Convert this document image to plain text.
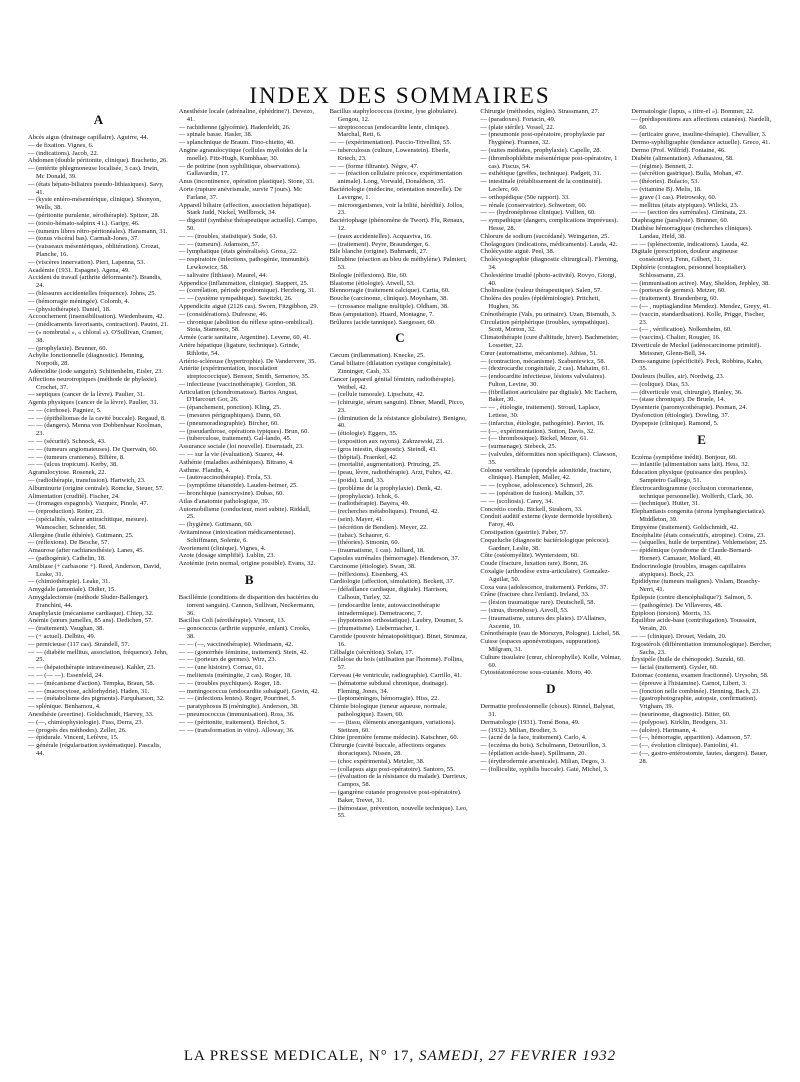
INDEX DES SOMMAIRES
A

Abcès aigus (drainage capillaire). Aguirre, 44.

— de fixation. Vignes, 6.

— (indications). Jacob, 22.

Abdomen (double péritonite, clinique). Brachetto, 26.

— (entérite phlegmoneuse localisée, 3 cas). Irwin, Mc Donald, 39.

— (états hépato-biliaires pseudo-lithiasiques). Savy, 41.

— (kyste entéro-mésentérique, clinique). Shonyon, Wells, 38.

— (péritonite purulente, sérothérapie). Spitzer, 28.

— (torsio-hémato-salpinx 4 i.). Garipy, 46.

— (tumeurs libres rétro-péritonéales). Hansmann, 31.

— (tonus viscéral bas). Carmalt-Jones, 37.

— (vaisseaux mésentériques, oblitération). Crozat, Planche, 16.

— (viscères innervation). Pieri, Lapenna, 53.

Académie (1931. Espagne). Agena, 49.

Accident du travail (arthrite déformante?). Brandis, 24.

— (blessures accidentelles fréquence). Johns, 25.

— (hémorragie méningée). Colomb, 4.

— (physiothérapie). Daniel, 18.

Accouchement (insensibilisation). Wiedenbaum, 42.

— (médicaments favorisants, contraction). Pautot, 21.

— (« nombrutal », « chloral »). O'Sullivan, Cramer, 38.

— (prophylaxie). Brunner, 60.

Achylie fonctionnelle (diagnostic). Henning, Norpoth, 28.

Adénoïdite (iode sanguin). Schittenhelm, Eisler, 23.

Affections neurotropiques (méthode de phylaxie). Crochet, 37.

— septiques (cancer de la lèvre). Paulier, 31.

Agents physiques (cancer de la lèvre). Paulier, 31.

— — (cirrhose). Pagniez, 5.

— — (épithéliomas de la cavité buccale). Regaud, 8.

— — (dangers). Menna von Dobbenhaar Koolman, 23.

— — (sécurité). Schnock, 43.

— — (tumeurs angiomateuses). De Quervain, 60.

— — (tumeurs cranienes). Bilière, 8.

— — (ulcus tropicum). Kerby, 38.

Agranulocytose. Rosenek, 22.

— (radiothérapie, transfusion). Hartwich, 23.

Albuminurie (origine centrale). Romcke, Steuer, 57.

Alimentation (crudité). Fischer, 24.

— (fromages espagnols). Vazquez, Pinole, 47.

— (reproduction). Reiter, 23.

— (spécialités, valeur antirachitique, mesure). Wamoscher, Schneider, 58.

Allergène (huile éthérée). Guttmann, 25.

— (réflexions). De Besche, 57.

Amaurose (after rachianesthésie). Lanes, 45.

— (pathogénie). Cathelin, 18.

Amibiase (+ carbasone +). Reed, Anderson, David, Leake, 31.

— (chimiothérapie). Leake, 31.

Amygdale (amoniale). Didier, 15.

Amygdalectomie (méthode Sluder-Ballenger). Franchini, 44.

Anaphylaxie (mécanisme cardiaque). Chiep, 32.

Anémie (sœurs jumelles, 85 ans). Dedichen, 57.

— (traitement). Vaughan, 38.

— (+ actuel). Delbito, 49.

— pernicieuse (117 cas). Strandell, 57.

— — (diabète mellitus, association, fréquence). Jehn, 25.

— — (hépatothérapie intraveineuse). Kahler, 23.

— — (— —). Essenfeld, 24.

— — (mécanisme d'action). Tempka, Braun, 58.

— — (macrocytose, achlorhydrie). Haden, 31.

— — (métabolisme des pigments). Farquharson, 32.

— splénique. Benhamou, 4.

Anesthésie (avertine). Goldschmidt, Harvey, 33.

— (—, chimiophysiologie). Fuss, Derra, 23.

— (progrès des méthodes). Zeller, 26.

— épidurale. Vincent, Lefèvre, 15.

— générale (régularisation systématique). Pascalis, 44.

Anesthésie locale (adrénaline, éphédrine?). Devezo, 41.

— rachidienne (glycémie). Hadenfeldt, 26.

— spinale basse. Hasler, 38.

— splanchnique de Braum. Fino-chietto, 40.

Angine agranulocytique (cellules myéloïdes de la moelle). Fitz-Hugh, Kumbhaar, 30.

— de poitrine (non syphilitique, observations). Gallavardin, 17.

Anus (incontinence, opération plastique). Stone, 33.

Aorte (rupture anévrismale, survie 7 jours). Mc Farlane, 37.

Appareil biliaire (affection, association hépatique). Stark Judd, Nickel, Wellbrock, 34.

— digestif (synthèse thérapeutique actuelle). Campo, 50.

— — (troubles, statistique). Sude, 61.

— — (tumeurs). Adamson, 57.

— lymphatique (états généralisés). Gross, 22.

— respiratoire (infections, pathogénie, immunité). Lewkowicz, 58.

— salivaire (lithiase). Maurel, 44.

Appendice (inflammation, clinique). Stappert, 25.

— (corrélation, période prodromique). Herzberg, 31.

— — (système sympathique). Sawitzki, 26.

Appendicite aiguë (2126 cas). Sworn, Fitzgibbon, 29.

— (considérations). Dufresne, 46.

— chronique (abolition du réflexe spino-ombilical). Stoia, Stamesco, 58.

Armée (carie sanitaire, Argentine). Levene, 60, 41.

Artère hépatique (ligature, technique). Grinde, Rihlotte, 54.

Artério-scléreuse (hypertrophie). De Vandervere, 35.

Artérite (expérimentation, inoculation streptococcique). Benson, Smith, Semenov, 35.

— infectieuse (vaccinothérapie). Gordon, 38.

Articulation (chondromatose). Bartos Angust, D'Harcourt Gor, 26.

— (épanchement, ponction). Kling, 25.

— (mesures périgraphiques). Dann, 60.

— (pneumoradiographie). Bircher, 60.

— (pseudarthrose, opérations typiques). Brun, 60.

— (tuberculose, traitement). Gal-lando, 45.

Assurance sociale (loi nouvelle). Eisenstadt, 23.

— — sur la vie (évaluation). Suarez, 44.

Asthénie (maladies asthéniques). Bitrano, 4.

Asthme. Flandin, 4.

— (autovaccinothérapie). Frola, 53.

— (symptôme tétanoïde). Lauden-heimer, 25.

— bronchique (sanocrysine). Dubas, 60.

Atlas d'anatomie pathologique, 39.

Automobilisme (conducteur, mort subite). Riddall, 25.

— (hygiène). Guttmann, 60.

Avitaminose (intoxication médicamenteuse). Schiffmann, Solente, 6.

Avortement (clinique). Vignes, 4.

Azote (dosage simplifié). Lublin, 23.

Azotémie (rein normal, origine possible). Evans, 32.

B

Bacillémie (conditions de disparition des bactéries du torrent sanguin). Cannon, Sullivan, Neckermann, 36.

Bacillus Coli (sérothérapie). Vincent, 13.

— gonococcus (arthrite suppurée, enfant). Crooks, 38.

— — (—, vaccinothérapie). Wiedmann, 42.

— — (gonorrhée féminine, traitement). Stein, 42.

— — (porteurs de germes). Wirz, 23.

— — (une histoire). Cornaz, 61.

— melitensis (méningite, 2 cas). Roger, 18.

— — (troubles psychiques). Roger, 18.

— meningococcus (endocardite subaiguë). Govin, 42.

— — (infections lentes). Roger, Pourrinet, 5.

— paratyphosus B (méningite). Anderson, 38.

— pneumococcus (immunisation). Ross, 36.

— — (péritonite, traitement). Bréchot, 5.

— — (transformation in vitro). Alloway, 36.

Bacillus staphylococcus (toxine, lyse globulaire). Gengou, 12.

— streptococcus (endocardite lente, clinique). Marchal, Reti, 6.

— — (expérimentation). Puccio-Trivellini, 55.

— tuberculosus (culture, Lowenstein). Eberle, Kriech, 23.

— — (forme filtrante). Nègre, 47.

— — (réaction cellulaire précoce, expérimentation animale). Long, Vorwald, Donaldson, 35.

Bactériologie (médecine, orientation nouvelle). De Lavergne, 1.

— microorganismes, voir la bilité, hérédité). Jollos, 23.

Bactériophage (phénomène de Twort). Flu, Renaux, 12.

— (eaux accidentelles). Acquaviva, 16.

— (traitement). Peyre, Braunderger, 6.

Bile blanche (origine). Buhrnardt, 27.

Bilirubine (réaction au bleu de méthylène). Palmieri, 53.

Biologie (réflexions). Bie, 60.

Blastome (étiologie). Atwell, 53.

Blennorragie (traitement calcique). Cartia, 60.

Bouche (carcinome, clinique). Moynham, 38.

— (crossance maligne multiple). Oldham, 38.

Bras (amputation). Huard, Montagne, 7.

Brûlures (acide tannique). Saegesser, 60.

C

Cæcum (inflammation). Knecke, 25.

Canal biliaire (dilatation cystique congénitale). Zinninger, Cash, 33.

Cancer (appareil génital féminin, radiothérapie). Weibel, 42.

— (cellule tumorale). Lipschutz, 42.

— (chirurgie, sérum sanguin). Ebner, Mandl, Picco, 23.

— (diminution de la résistance globulaire). Benigno, 40.

— (étiologie). Eggers, 35.

— (exposition aux rayons). Zakrzewski, 23.

— (gros intestin, diagnostic). Steindl, 43.

— (hôpital). Fraenkel, 42.

— (mortalité, augmentation). Prinzing, 25.

— (peau, lèvre, radiothérapie). Arzt, Fuhrs, 42.

— (poids). Lund, 33.

— (problème de la prophylaxie). Denk, 42.

— (prophylaxie). Ichok, 6.

— (radiothérapie). Bayera, 49.

— (recherches métaboliques). Freund, 42.

— (sein). Mayer, 41.

— (sécrétion de Bendien). Meyer, 22.

— (tabac). Schaurer, 6.

— (théories). Simonin, 60.

— (traumatisme, 1 cas). Julliard, 18.

Capsules surrénales (hémorragie). Henderson, 37.

Carcinome (étiologie). Swan, 38.

— (réflexions). Eisenberg, 43.

Cardiologie (affection, simulation). Beckett, 37.

— (défaillance cardiaque, digitale). Harrison, Calhoun, Turley, 32.

— (endocardite lente, autovaccinothérapie intradermique). Demetraconc, 7.

— (hypotension orthostatique). Laubry, Doumer, 5.

— (rhumatisme). Liebermacher, 1.

Carotide (pouvoir hématopoïétique). Binet, Strumza, 16.

Célbalgie (sécrétion). Solan, 17.

Cellulose du bois (utilisation par l'homme). Follins, 57.

Cerveau (4e ventricule, radiographie). Carrillo, 41.

— (hématome subdural chronique, drainage). Fleming, Jones, 34.

— (leptoméninges, hémorragie). Hiss, 22.

Chimie biologique (teneur aqueuse, normale, pathologique). Essen, 60.

— — (tissu, éléments anorganiques, variations). Steitzen, 60.

Chine (première femme médecin). Katschner, 60.

Chirurgie (cavité buccale, affections organes thoraciques). Nissen, 28.

— (choc expérimental). Metzler, 38.

— (collapsus aigu post-opératoire). Santoro, 55.

— (évaluation de la résistance du malade). Darrieux, Campos, 58.

— (gangrène cutanée progressive post-opératoire). Baker, Trevet, 31.

— (hémostase, prévention, nouvelle technique). Leo, 55.

Chirurgie (méthodes, règles). Strassmann, 27.

— (paradoxes). Fortacin, 49.

— (plaie stérile). Vossel, 22.

— (pneumonie post-opératoire, prophylaxie par l'hygiène). Frannen, 32.

— (suites médiates, prophylaxie). Capelle, 28.

— (thrombophlébite mésentérique post-opératoire, 1 cas). Fiscus, 54.

— esthétique (greffes, technique). Padgett, 31.

— intestinale (rétablissement de la continuité). Leclerc, 60.

— orthopédique (50e rapport). 33.

— rénale (conservatrice). Schwetzer, 60.

— — (hydronéphrose clinique). Vullien, 60.

— sympathique (dangers, complications imprévues). Hesse, 28.

Chlorure de sodium (succédané). Weingarten, 25.

Cholagogues (indications, médicaments). Lauda, 42.

Cholécystite aiguë. Peel, 38.

Cholécystographie (diagnostic chirurgical). Fleming, 34.

Cholestérine irradié (photo-activité). Rovyo, Giorgi, 40.

Cholinsuline (valeur thérapeutique). Salen, 57.

Choléra des poules (épidémiologie). Pritchett, Hughes, 36.

Crénothérapie (Vals, pu urinaire). Uzan, Bismuth, 3.

Circulation périphérique (troubles, sympathique). Scott, Morton, 32.

Climatothérapie (cure d'altitude, hiver). Bachmeister, Lossetter, 22.

Cœur (automatisme, mécanisme). Athias, 51.

— (contraction, mécanisme). Szabuniewicz, 58.

— (dextrocardie congénitale, 2 cas). Mahaim, 61.

— (endocardite infectieuse, lésions valvulaires). Fulton, Levine, 30.

— (fibrillation auriculaire par digitale). Mc Eachern, Baker, 30.

— — , étiologie, traitement). Stroud, Laplace, Letiese, 30.

— (infarctus, étiologie, pathogénie). Paviot, 16.

— (—, expérimentation). Sutton, Davis, 32.

— (— thrombosique). Bickel, Mozer, 61.

— (surmenage). Siebeck, 25.

— (valvules, déformities non spécifiques). Clawson, 35.

Colonne vertébrale (spondyle adonitoïde, fracture, clinique). Hamplett, Maller, 42.

— — (cyphose, adolescence). Schmorl, 26.

— — (opération de fusion). Malkin, 37.

— — (scoliosis). Carey, 34.

Concrétio cordis. Bickell, Strahorn, 33.

Conduit auditif externe (kyste dermoïde hyoïdien). Faroy, 40.

Constipation (gastrite). Faber, 57.

Coqueluche (diagnostic bactériologique précoce). Gardner, Leslie, 38.

Côte (ostéomyélite). Wyntersteen, 60.

Coude (fracture, luxation rare). Bonn, 26.

Coxalgie (arthrodèse extra-articulaire). Gonzalez-Aguilar, 50.

Coxa vara (adolescence, traitement). Perkins, 37.

Crâne (fracture chez l'enfant). Ireland, 33.

— (lésion traumatique rare). Deutschell, 58.

— (sinus, thrombose). Asvoll, 53.

— (traumatisme, sutures des plaies). D'Allaines, Ascente, 10.

Crénothérapie (eau de Morszyn, Pologne). Lichel, 58.

Cuisse (espaces aponévrotiques, suppuration). Milgram, 31.

Culture tissulaire (cœur, chlorophylle). Kolle, Volmar, 60.

Cytostéatonécrose sous-cutanée. Moro, 40.

D

Dermatite professionnelle (choux). Rinnel, Balyeat, 31.

Dermatologie (1931). Tomé Bona, 49.

— (1932). Milian, Brodier, 3.

— (acné de la face, traitement). Carlo, 4.

— (eczéma du bois). Schulmann, Detourillon, 3.

— (épilation acide-base). Spillmann, 20.

— (érythrodermie arsenicale). Milian, Degos, 3.

— (folliculite, syphilis buccale). Gaté, Michel, 3.

Dermatologie (lupus, « titre-el »). Bommer, 22.

— (prédispositions aux affections cutanées). Nardelli, 60.

— (urticaire grave, insuline-thérapie). Chevallier, 3.

Dermo-syphiligraphie (tendance actuelle). Greco, 41.

Dermo (Prof. Wilfrid). Fontaine, 46.

Diabète (alimentation). Athanasiou, 58.

— (régime). Bennett, 2.

— (sécrétion gastrique). Bulla, Mohan, 47.

— (théories). Bulacio, 53.

— (vitamine B). Melis, 18.

— grave (1 cas). Pietrowsky, 60.

— mellitus (états atypiques). Wilicki, 23.

— — (section des surrénales). Ciminata, 23.

Diaphragme (paralysie). Brunner, 60.

Diathèse hémorragique (recherches cliniques). Landau, Held, 38.

— — (splénectomie, indications). Lauda, 42.

Digitale (prescription, douleur angineuse consécutive). Fenn, Gilbert, 31.

Diphtérie (contagion, personnel hospitalier). Schlossmann, 23.

— (immunisation active). May, Sheldon, Jephley, 38.

— (porteurs de germes). Metzer, 60.

— (traitement). Brandenberg, 60.

— (— , nuptiaglandine Mendez). Mendez, Greyy, 41.

— (vaccin, standardisation). Kolle, Prigge, Fischer, 23.

— (— , vérification). Nolkenheim, 60.

— (vaccins). Chalier, Rougier, 16.

Diverticule de Meckel (adénocarcinome primitif). Meissner, Glenn-Bell, 34.

Dons-sanguine (spécificité). Peck, Robbins, Kahn, 35.

Douleurs (bulles, air). Nordwig, 23.

— (colique). Dias, 53.

— (diverticule vrai, chirurgie). Hanley, 36.

— (stase chronique). De Bruele, 14.

Dysenterie (paromycothérapie). Pesman, 24.

Dysfonction (étiologie). Dowling, 37.

Dyspepsie (clinique). Ramond, 5.

E

Eczéma (symptôme inédit). Bonjour, 60.

— infantile (alimentation sans lait). Hess, 32.

Éducation physique (puissance des peuples). Sampietro Galliego, 51.

Électrocardiogramme (occlusion coronarienne, technique personnelle). Wolferth, Clark, 30.

— (technique). Hutter, 31.

Elephantiasis congenita (strona lymphangiectatica). Middleton, 39.

Empyème (traitement). Goldschmidt, 42.

Encéphalite (états consécutifs, atropine). Coins, 23.

— (séquelles, huile de terpentine). Vehlemeister, 25.

— épidémique (syndrome de Claude-Bernard-Horner). Camauer, Mollard, 40.

Endocrinologie (troubles, images capillaires atypiques). Bock, 23.

Épididyme (tumeurs malignes). Vislam, Braschy-Nerri, 41.

Épilepsie (centre diencéphalique?). Salmon, 5.

— (pathogénie). De Villaveres, 48.

Épiploon (torsion). Morris, 33.

Équilibre acide-base (centrifugation). Toussaint, Verain, 20.

— — (clinique). Drouet, Vedain, 20.

Ergostérols (différentiation immunologique). Bercher, Sachs, 23.

Érysipèle (huile de chénopode). Suzuki, 60.

— facial (traitement). Gysler, 60.

Estomac (contenu, examen fractionné). Urysohn, 58.

— (épreuve à l'histamine). Carnot, Libert, 3.

— (fonction nelle combinée). Henning, Bach, 23.

— (gastrophotographie, autopsie, confirmation). Vrigham, 39.

— (neurinome, diagnostic). Bitter, 60.

— (polypose). Kirklin, Brodgers, 31.

— (ulcère). Hartmann, 4.

— (—, hémorragie, apparition). Adamson, 57.

— (—, évolution clinique). Pantolini, 41.

— (—, gastro-entérostomie, fautes, dangers). Bauer, 28.

LA PRESSE MEDICALE, N° 17, SAMEDI, 27 FEVRIER 1932
